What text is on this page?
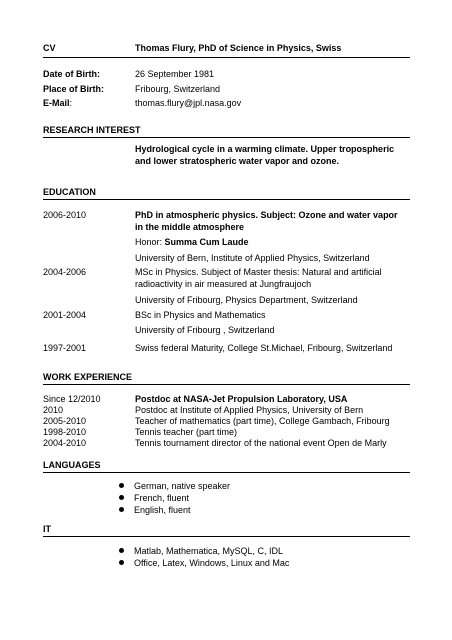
CV	Thomas Flury, PhD of Science in Physics, Swiss
Date of Birth:	26 September 1981
Place of Birth:	Fribourg, Switzerland
E-Mail:	thomas.flury@jpl.nasa.gov
RESEARCH INTEREST
Hydrological cycle in a warming climate. Upper tropospheric
and lower stratospheric water vapor and ozone.
EDUCATION
2006-2010	PhD in atmospheric physics. Subject: Ozone and water vapor
in the middle atmosphere
Honor: Summa Cum Laude
University of Bern, Institute of Applied Physics, Switzerland
2004-2006	MSc in Physics. Subject of Master thesis: Natural and artificial
radioactivity in air measured at Jungfraujoch
University of Fribourg, Physics Department, Switzerland
2001-2004	BSc in Physics and Mathematics
University of Fribourg , Switzerland
1997-2001	Swiss federal Maturity, College St.Michael, Fribourg, Switzerland
WORK EXPERIENCE
Since 12/2010	Postdoc at NASA-Jet Propulsion Laboratory, USA
2010	Postdoc at Institute of Applied Physics, University of Bern
2005-2010	Teacher of mathematics (part time), College Gambach, Fribourg
1998-2010	Tennis teacher (part time)
2004-2010	Tennis tournament director of the national event Open de Marly
LANGUAGES
German, native speaker
French, fluent
English, fluent
IT
Matlab, Mathematica, MySQL, C, IDL
Office, Latex, Windows, Linux and Mac
